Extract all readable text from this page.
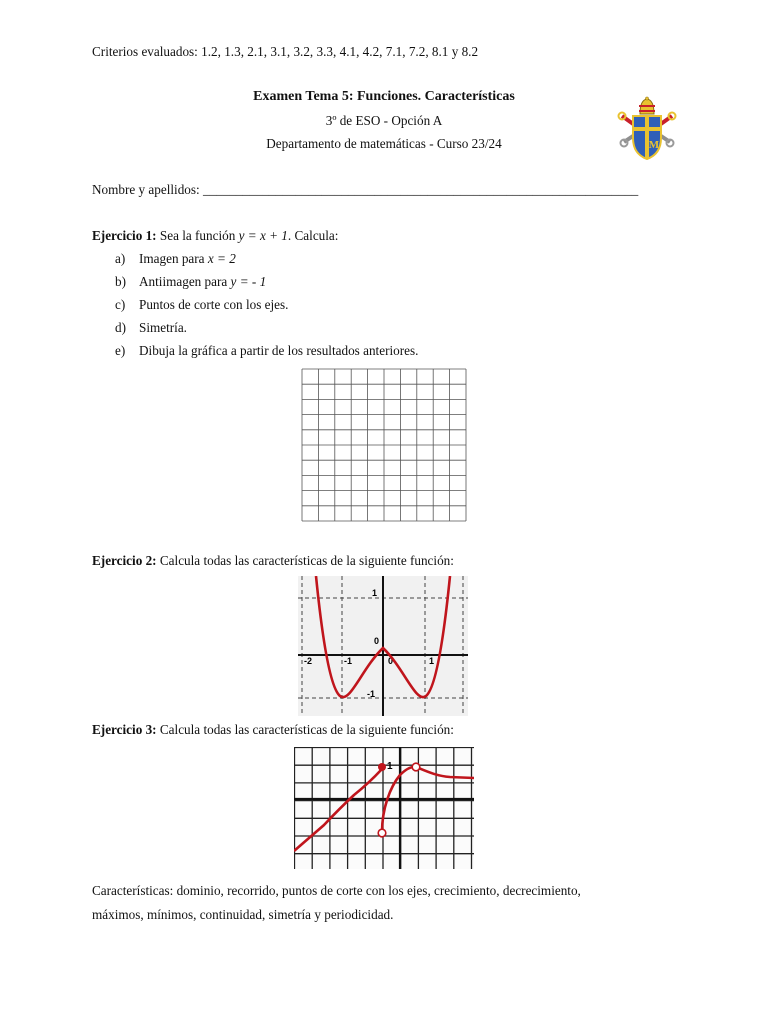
Criterios evaluados: 1.2, 1.3, 2.1, 3.1, 3.2, 3.3, 4.1, 4.2, 7.1, 7.2, 8.1 y 8.2
Examen Tema 5: Funciones. Características
3º de ESO - Opción A
Departamento de matemáticas - Curso 23/24	M
Nombre y apellidos: __________________________________________________________________
Ejercicio 1: Sea la función y = x + 1. Calcula:
a) Imagen para x = 2
b) Antiimagen para y = - 1
c) Puntos de corte con los ejes.
d) Simetría.
e) Dibuja la gráfica a partir de los resultados anteriores.
Ejercicio 2: Calcula todas las características de la siguiente función:
1
0
-2	-1	0	1
-1
Ejercicio 3: Calcula todas las características de la siguiente función:
1
Características: dominio, recorrido, puntos de corte con los ejes, crecimiento, decrecimiento,
máximos, mínimos, continuidad, simetría y periodicidad.
